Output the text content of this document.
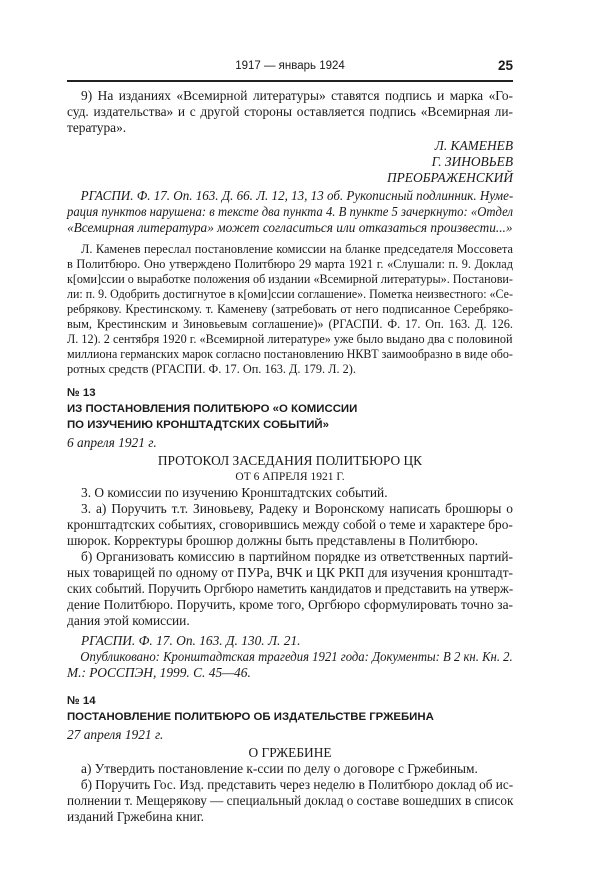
1917 — январь 1924	25
9) На изданиях «Всемирной литературы» ставятся подпись и марка «Го-
суд. издательства» и с другой стороны оставляется подпись «Всемирная ли-
тература».
Л. КАМЕНЕВ
Г. ЗИНОВЬЕВ
ПРЕОБРАЖЕНСКИЙ
РГАСПИ. Ф. 17. Оп. 163. Д. 66. Л. 12, 13, 13 об. Рукописный подлинник. Нуме-
рация пунктов нарушена: в тексте два пункта 4. В пункте 5 зачеркнуто: «Отдел
«Всемирная литература» может согласиться или отказаться произвести...»
Л. Каменев переслал постановление комиссии на бланке председателя Моссовета
в Политбюро. Оно утверждено Политбюро 29 марта 1921 г. «Слушали: п. 9. Доклад
к[оми]ссии о выработке положения об издании «Всемирной литературы». Постанови-
ли: п. 9. Одобрить достигнутое в к[оми]ссии соглашение». Пометка неизвестного: «Се-
ребрякову. Крестинскому. т. Каменеву (затребовать от него подписанное Серебряко-
вым, Крестинским и Зиновьевым соглашение)» (РГАСПИ. Ф. 17. Оп. 163. Д. 126.
Л. 12). 2 сентября 1920 г. «Всемирной литературе» уже было выдано два с половиной
миллиона германских марок согласно постановлению НКВТ заимообразно в виде обо-
ротных средств (РГАСПИ. Ф. 17. Оп. 163. Д. 179. Л. 2).
№ 13
ИЗ ПОСТАНОВЛЕНИЯ ПОЛИТБЮРО «О КОМИССИИ
ПО ИЗУЧЕНИЮ КРОНШТАДТСКИХ СОБЫТИЙ»
6 апреля 1921 г.
ПРОТОКОЛ ЗАСЕДАНИЯ ПОЛИТБЮРО ЦК
ОТ 6 АПРЕЛЯ 1921 Г.
3. О комиссии по изучению Кронштадтских событий.
3. а) Поручить т.т. Зиновьеву, Радеку и Воронскому написать брошюры о
кронштадтских событиях, сговорившись между собой о теме и характере бро-
шюрок. Корректуры брошюр должны быть представлены в Политбюро.
б) Организовать комиссию в партийном порядке из ответственных партий-
ных товарищей по одному от ПУРа, ВЧК и ЦК РКП для изучения кронштадт-
ских событий. Поручить Оргбюро наметить кандидатов и представить на утверж-
дение Политбюро. Поручить, кроме того, Оргбюро сформулировать точно за-
дания этой комиссии.
РГАСПИ. Ф. 17. Оп. 163. Д. 130. Л. 21.
Опубликовано: Кронштадтская трагедия 1921 года: Документы: В 2 кн. Кн. 2.
М.: РОССПЭН, 1999. С. 45—46.
№ 14
ПОСТАНОВЛЕНИЕ ПОЛИТБЮРО ОБ ИЗДАТЕЛЬСТВЕ ГРЖЕБИНА
27 апреля 1921 г.
О ГРЖЕБИНЕ
а) Утвердить постановление к-ссии по делу о договоре с Гржебиным.
б) Поручить Гос. Изд. представить через неделю в Политбюро доклад об ис-
полнении т. Мещерякову — специальный доклад о составе вошедших в список
изданий Гржебина книг.
